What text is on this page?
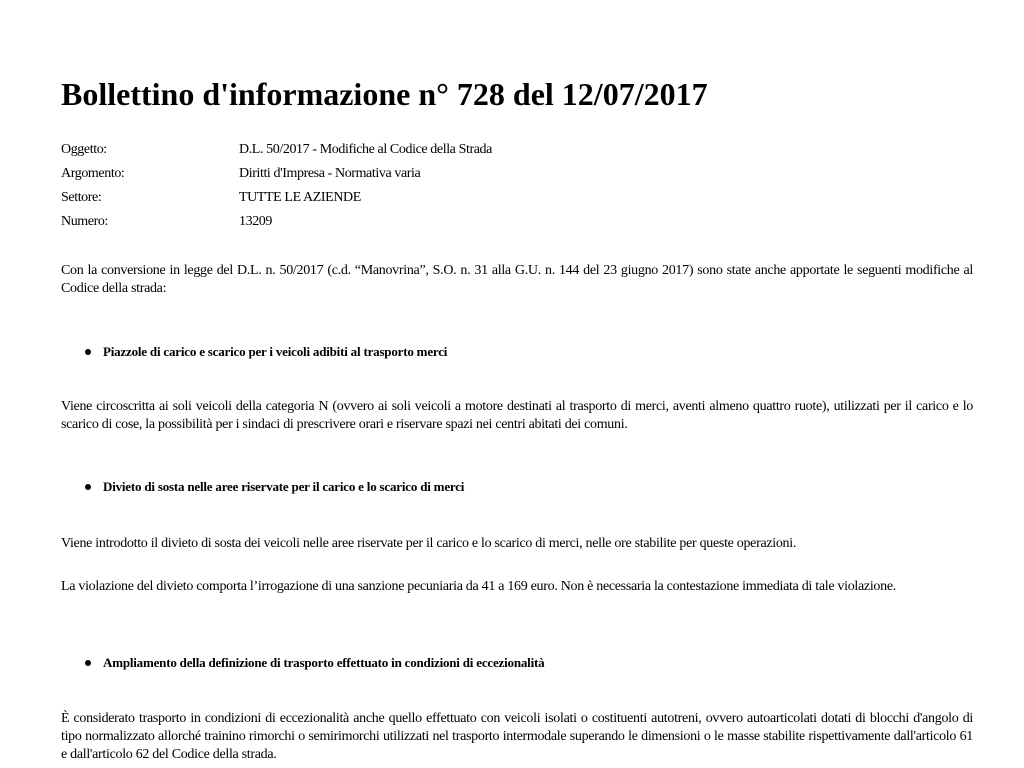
Bollettino d'informazione n° 728 del 12/07/2017
Oggetto:	D.L. 50/2017 - Modifiche al Codice della Strada
Argomento:	Diritti d'Impresa - Normativa varia
Settore:	TUTTE LE AZIENDE
Numero:	13209

Con la conversione in legge del D.L. n. 50/2017 (c.d. “Manovrina”, S.O. n. 31 alla G.U. n. 144 del 23 giugno 2017) sono state anche apportate le seguenti modifiche al Codice della strada:

Piazzole di carico e scarico per i veicoli adibiti al trasporto merci

Viene circoscritta ai soli veicoli della categoria N (ovvero ai soli veicoli a motore destinati al trasporto di merci, aventi almeno quattro ruote), utilizzati per il carico e lo scarico di cose, la possibilità per i sindaci di prescrivere orari e riservare spazi nei centri abitati dei comuni.

Divieto di sosta nelle aree riservate per il carico e lo scarico di merci

Viene introdotto il divieto di sosta dei veicoli nelle aree riservate per il carico e lo scarico di merci, nelle ore stabilite per queste operazioni.

La violazione del divieto comporta l’irrogazione di una sanzione pecuniaria da 41 a 169 euro. Non è necessaria la contestazione immediata di tale violazione.

Ampliamento della definizione di trasporto effettuato in condizioni di eccezionalità

È considerato trasporto in condizioni di eccezionalità anche quello effettuato con veicoli isolati o costituenti autotreni, ovvero autoarticolati dotati di blocchi d'angolo di tipo normalizzato allorché trainino rimorchi o semirimorchi utilizzati nel trasporto intermodale superando le dimensioni o le masse stabilite rispettivamente dall'articolo 61 e dall'articolo 62 del Codice della strada.
